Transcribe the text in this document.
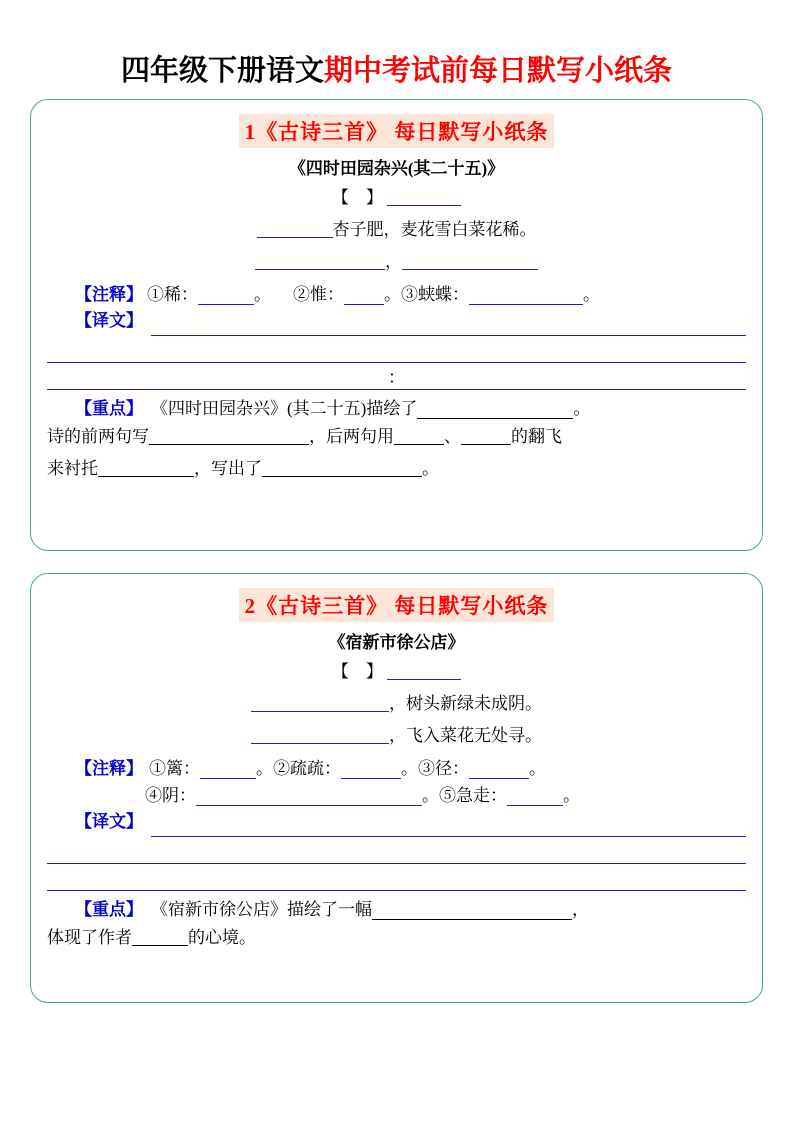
四年级下册语文期中考试前每日默写小纸条
1《古诗三首》 每日默写小纸条
《四时田园杂兴(其二十五)》
【　】
杏子肥，麦花雪白菜花稀。
，
【注释】 ①稀：	。 ②惟： 。 ③蛱蝶：	。
【译文】
：
【重点】 《四时田园杂兴》(其二十五)描绘了	。
诗的前两句写	，后两句用	、	的翻飞
来衬托	，写出了	。
2《古诗三首》 每日默写小纸条
《宿新市徐公店》
【　】
，树头新绿未成阴。
，飞入菜花无处寻。
【注释】 ①篱：	。 ②疏疏：	。 ③径：	。
④阴：	。 ⑤急走：	。
【译文】
【重点】 《宿新市徐公店》描绘了一幅	，
体现了作者	的心境。
